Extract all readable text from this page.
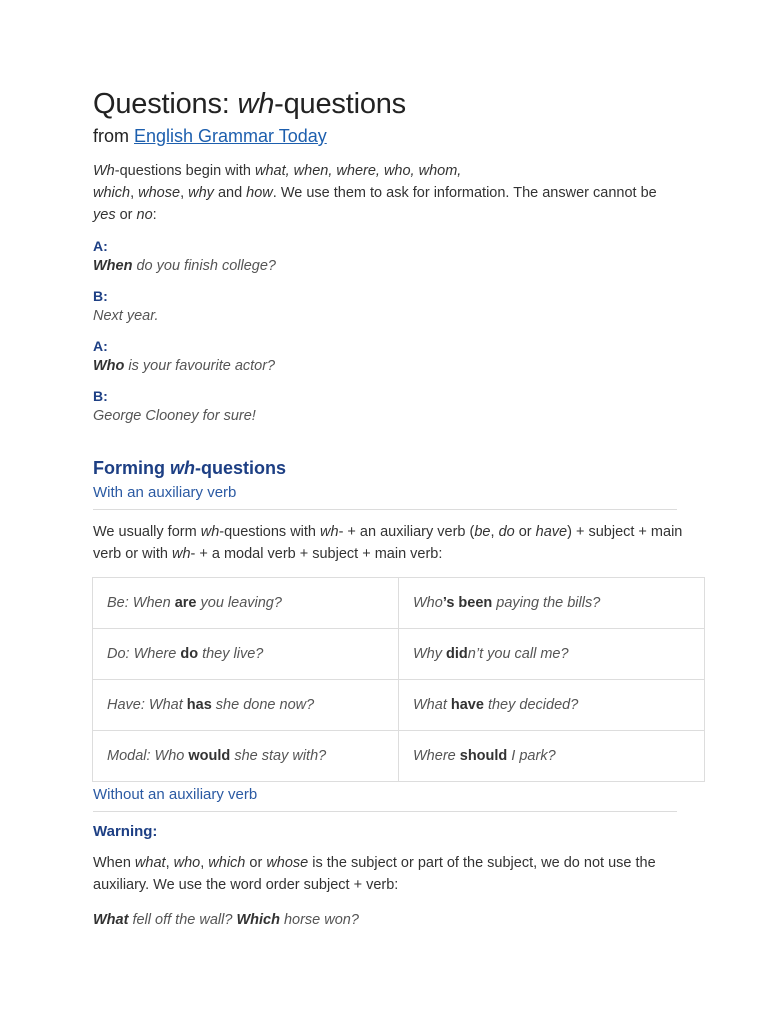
Questions: wh-questions
from English Grammar Today
Wh-questions begin with what, when, where, who, whom,
which, whose, why and how. We use them to ask for information. The answer cannot be yes or no:
A:
When do you finish college?
B:
Next year.
A:
Who is your favourite actor?
B:
George Clooney for sure!
Forming wh-questions
With an auxiliary verb
We usually form wh-questions with wh- + an auxiliary verb (be, do or have) + subject + main verb or with wh- + a modal verb + subject + main verb:
Be: When are you leaving?	Who’s been paying the bills?
Do: Where do they live?	Why didn’t you call me?
Have: What has she done now?	What have they decided?
Modal: Who would she stay with?	Where should I park?
Without an auxiliary verb
Warning:
When what, who, which or whose is the subject or part of the subject, we do not use the auxiliary. We use the word order subject + verb:
What fell off the wall? Which horse won?
